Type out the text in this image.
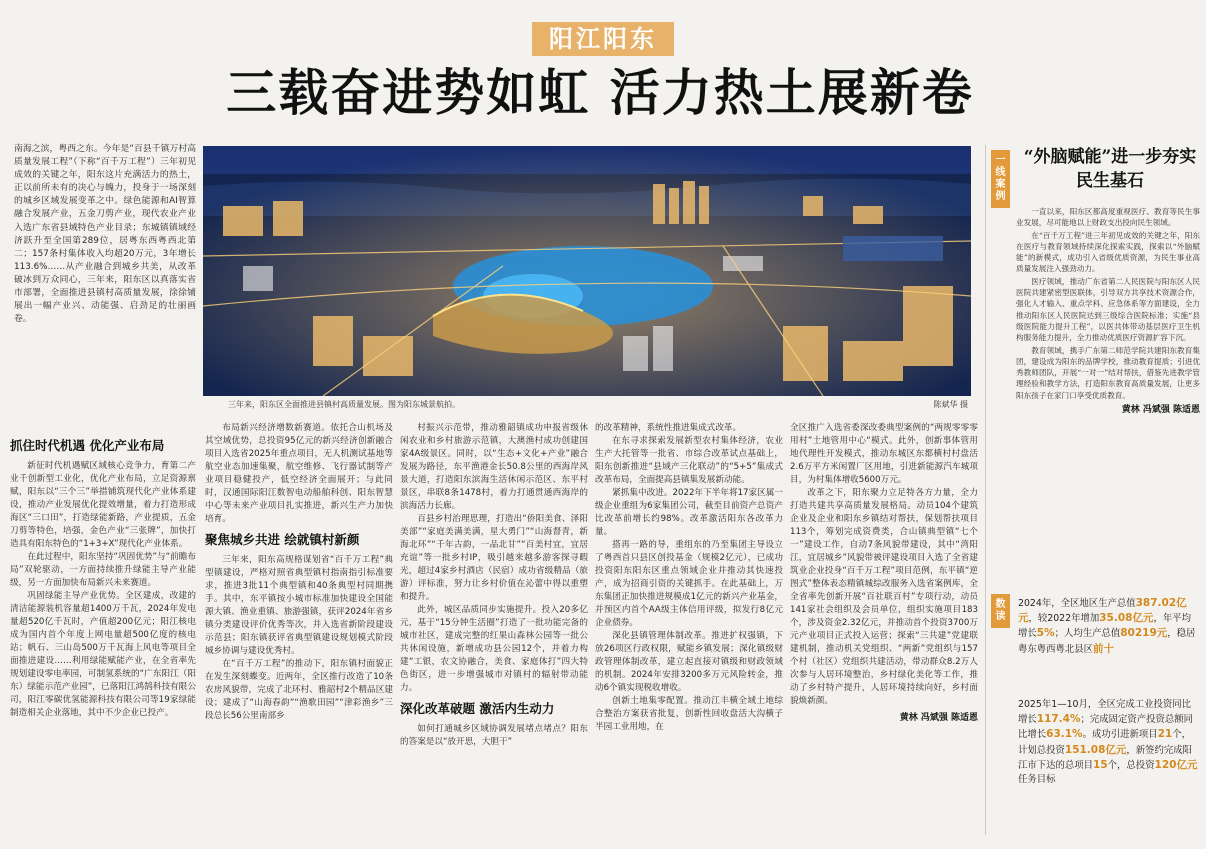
阳江阳东
三载奋进势如虹 活力热土展新卷
南海之滨，粤西之东。今年是“百县千镇万村高质量发展工程”（下称“百千万工程”）三年初见成效的关键之年，阳东这片充满活力的热土，正以前所未有的决心与魄力，投身于一场深刻的城乡区域发展变革之中。绿色能源和AI智算融合发展产业，五金刀剪产业，现代农业产业入选广东省县域特色产业目录；东城镇镇域经济跃升至全国第289位，居粤东西粤西北第二；157条村集体收入均超20万元，3年增长113.6%……从产业融合到城乡共美，从改革破冰到万众同心，三年来，阳东区以真落实省市部署，全面推进县镇村高质量发展，徐徐铺展出一幅产业兴、动能强、启劲足的壮丽画卷。
三年来，阳东区全面推进县镇村高质量发展。图为阳东城景航拍。	陈斌华 摄
抓住时代机遇 优化产业布局

新征时代机遇赋区域核心竞争力，育第二产业千创新型工业化，优化产业布局，立足资源禀赋，阳东以“三个三”举措铺筑现代化产业体系建设，推动产业发展优化提效增量，着力打造形成海区“三口田”，打造绿能新路，产业提质，五金刀剪等特色，培强，金色产业“三张牌”，加快打造具有阳东特色的“1+3+X”现代化产业体系。

在此过程中，阳东坚持“巩固优势”与“前瞻布局”双轮驱动，一方面持续推升绿能主导产业能级，另一方面加快布局新兴未来赛道。

巩固绿能主导产业优势。全区建成，改建的清洁能源装机容量超1400万千瓦，2024年发电量超520亿千瓦时，产值超200亿元；阳江核电成为国内首个年度上网电量超500亿度的核电站；帆石、三山岛500万千瓦海上风电等项目全面推进建设……利用绿能赋能产业，在全省率先规划建设零电率园，可制氢系统的“广东阳江（阳东）绿能示范产业园”，已落阳江鸿鹄科技有限公司，阳江零碳优氢能源科技有限公司等19家绿能制造相关企业落地，其中不少企业已投产。

布局新兴经济增数新赛道。依托合山机场及其空域优势，总投资95亿元的新兴经济创新融合项目入选省2025年重点项目，无人机测试基地等航空业态加速集聚，航空维修、飞行器试制等产业项目稳健投产，低空经济全面展开；与此同时，汉通国际阳江数智电动船舶科创、阳东智慧中心等未来产业项目扎实推进，新兴生产力加快培育。

聚焦城乡共进 绘就镇村新颜

三年来，阳东高规格谋划省“百千万工程”典型镇建设，严格对照省典型镇村指南指引标准要求，推进3批11个典型镇和40条典型村同期携手。其中，东平镇按小城市标准加快建设全国能源大镇、渔业重镇、旅游强镇，获评2024年省乡镇分类建设评价优秀等次，并入选省新阶段建设示范县；阳东镇获评省典型镇建设规划模式阶段城乡协调与建设优秀村。

在“百千万工程”的推动下，阳东镇村面貌正在发生深刻蝶变。近两年，全区推行改造了10条农房风貌带，完成了北环村、雅韶村2个精品区建设；建成了“山海春韵”“渔歌田园”“津彩渔乡”三段总长56公里南部乡

村振兴示范带，推动雅韶镇成功申报省级休闲农业和乡村旅游示范镇，大澳渔村成功创建国家4A级景区。同时，以“生态+文化+产业”融合发展为路径，东平渔港金长50.8公里的西海岸风景大道，打造阳东滨海生活休闲示范区、东平村景区，串联8条1478村，着力打通贯通西海岸的滨海活力长廊。

百县乡村治理思理，打造出“侨阳美食、泽阳美部”“家庭美满美满，星大勇门”“山海督青，新海北环”“千年古韵，一品北甘”“百美村宜，宜居充谊”等一批乡村IP，吸引越来越多游客探寻暇光，超过4家乡村酒店（民宿）成功省级精品（旅游）评标准，努力让乡村价值在沁蕾中得以重塑和提升。

此外，城区品质同步实施提升。投入20多亿元，基于“15分钟生活圈”打造了一批功能完备的城市社区，建成完整的红果山森林公园等一批公共休闲设施，新增成功县公园12个，并着力构建“工银，农文协融合，美食、家庭体打”四大特色街区，进一步增强城市对镇村的辐射带动能力。

深化改革破题 激活内生动力

如何打通城乡区域协调发展堵点堵点？阳东的答案是以“放开思，大胆干”

的改革精神，系统性推进集成式改革。

在东寻求探索发展新型农村集体经济，农业生产大托管等一批省、市综合改革试点基础上，阳东创新推进“县域产三化联动”的“5+5”集成式改革布局，全面提高县镇集发展新动能。

紧抓集中改进。2022年下半年将17家区属一级企业重组为6家集团公司，截至目前资产总资产比改革前增长约98%。改革激活阳东各改革力量。

搭再一路的导，重组东的乃至集团主导设立了粤西首只县区创投基金（规模2亿元），已成功投资阳东阳东区重点领域企业并推动其快速投产，成为招商引资的关键抓手。在此基础上，万东集团正加快推进规模成1亿元的新兴产业基金，并预区内首个AA级主体信用评级，拟发行8亿元企业债券。

深化县镇管理体制改革。推进扩权强镇，下放26项区行政权限，赋能乡镇发展；深化镇级财政管理体制改革，建立起直接对镇级和财政领域的机制。2024年安排3200多万元风险转金，推动6个镇实现税收增收。

创新土地集零配置。推动江丰横全域土地综合整治方案获省批复，创新性回收盘活大沟横子半园工业用地，在

全区推广入选省委深改委典型案例的“两规零零零用村”土地管用中心“模式。此外，创新事体管用地代理性开发模式，推动东城区东都横村村盘活2.6万平方米闲置厂区用地，引进新能源汽车城项目，为村集体增收5600万元。

改革之下，阳东聚力立足特各方力量，全力打造共建共享高质量发展格局。动员104个建筑企业及企业和阳东乡镇结对帮扶，保划帮扶项目113个，筹划完成资费类，合山镇典型镇“七个一”建设工作，自动7条风貌带建设，其中“湾阳江，宜居城乡”风貌带被评建设项目入选了全省建筑业企业投身“百千万工程”项目范例，东平镇“逆图式”整体表态精镇城综改服务入选省案例库，全全省率先创新开展“百社联百村”专项行动，动员141家社会组织及会员单位，组织实施项目183个，涉及资金2.32亿元，并推动首个投资3700万元产业项目正式投入运营；探索“三共建”党建联建机制，推动机关党组织、“两新”党组织与157个村（社区）党组织共建活动，带动群众8.2万人次参与人居环境整治，乡村绿化美化等工作，推动了乡村特产提升，人居环境持续向好，乡村面貌焕新颜。

黄林 冯斌强 陈适恩
一线案例
“外脑赋能”进一步夯实民生基石

一直以来，阳东区都高度重视医疗、教育等民生事业发展，尽可能地以上财政支出投向民生领域。

在“百千万工程”进三年初见成效的关键之年，阳东在医疗与教育领域持续深化探索实践，探索以“外脑赋能”的新模式，成功引入省级优质资源，为民生事业高质量发展注入强劲动力。

医疗领域，推动广东省第二人民医院与阳东区人民医院共建紧密型医联体，引导双方共享技术资源合作，强化人才输入、重点学科、应急体系等方面建设，全力推动阳东区人民医院达到三级综合医院标准；实施“县级医院能力提升工程”，以医共体带动基层医疗卫生机构服务能力提升，全力推动优质医疗资源扩容下沉。

教育领域，携手广东第二师范学院共建阳东教育集团，建设成为阳东的品牌学校，推动教育提质；引进优秀教师团队，开展“一对一”结对帮扶，借鉴先进教学管理经验和教学方法，打造阳东教育高质量发展，让更多阳东孩子在家门口享受优质教育。

黄林 冯斌强 陈适恩
数读
2024年，全区地区生产总值387.02亿元，较2022年增加35.08亿元，年平均增长5%；人均生产总值80219元，稳居粤东粤西粤北县区前十
2025年1—10月，全区完成工业投资同比增长117.4%；完成固定资产投资总额同比增长63.1%。成功引进新项目21个，计划总投资151.08亿元，新签约完成阳江市下达的总项目15个，总投资120亿元任务目标
